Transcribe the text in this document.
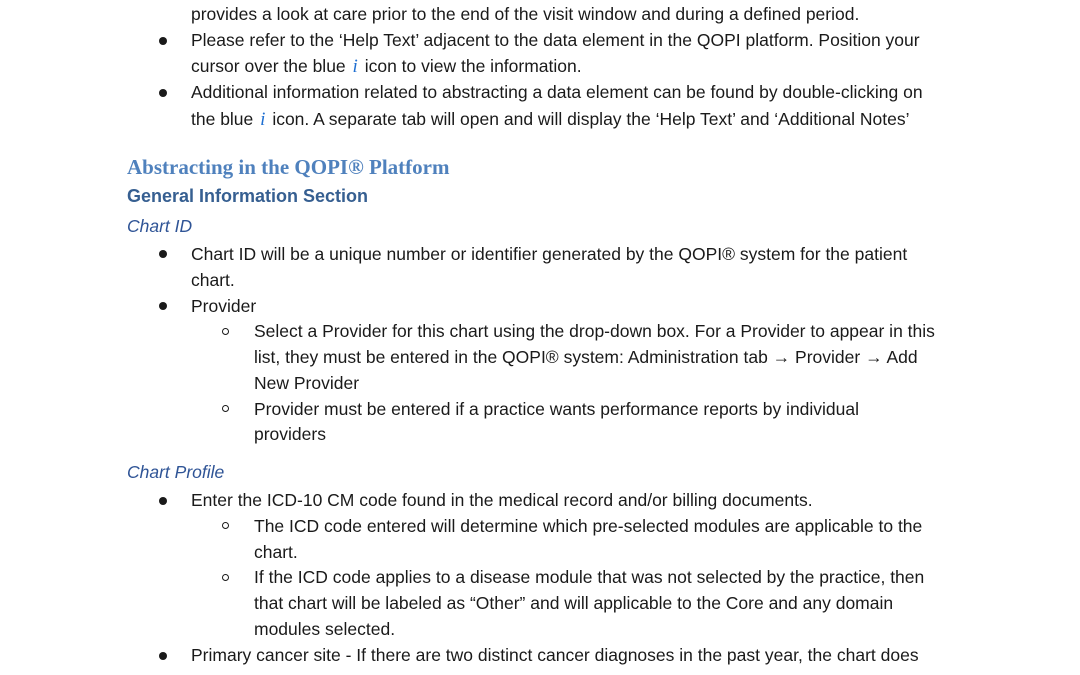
provides a look at care prior to the end of the visit window and during a defined period.
Please refer to the ‘Help Text’ adjacent to the data element in the QOPI platform. Position your
cursor over the blue i icon to view the information.
Additional information related to abstracting a data element can be found by double-clicking on
the blue i icon. A separate tab will open and will display the ‘Help Text’ and ‘Additional Notes’
Abstracting in the QOPI® Platform
General Information Section
Chart ID
Chart ID will be a unique number or identifier generated by the QOPI® system for the patient
chart.
Provider
Select a Provider for this chart using the drop-down box. For a Provider to appear in this
list, they must be entered in the QOPI® system: Administration tab → Provider → Add
New Provider
Provider must be entered if a practice wants performance reports by individual
providers
Chart Profile
Enter the ICD-10 CM code found in the medical record and/or billing documents.
The ICD code entered will determine which pre-selected modules are applicable to the
chart.
If the ICD code applies to a disease module that was not selected by the practice, then
that chart will be labeled as “Other” and will applicable to the Core and any domain
modules selected.
Primary cancer site - If there are two distinct cancer diagnoses in the past year, the chart does
